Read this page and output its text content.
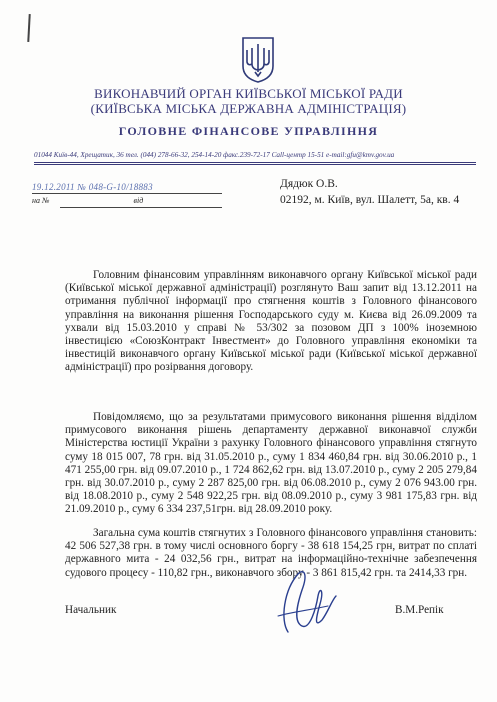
ВИКОНАВЧИЙ ОРГАН КИЇВСЬКОЇ МІСЬКОЇ РАДИ
(КИЇВСЬКА МІСЬКА ДЕРЖАВНА АДМІНІСТРАЦІЯ)
ГОЛОВНЕ ФІНАНСОВЕ УПРАВЛІННЯ
01044 Київ-44, Хрещатик, 36 тел. (044) 278-66-32, 254-14-20 факс.239-72-17 Call-центр 15-51 e-mail:gfu@kmv.gov.ua
19.12.2011 № 048-G-10/18883
на №	від
Дядюк О.В.
02192, м. Київ, вул. Шалетт, 5а, кв. 4
Головним фінансовим управлінням виконавчого органу Київської міської ради (Київської міської державної адміністрації) розглянуто Ваш запит від 13.12.2011 на отримання публічної інформації про стягнення коштів з Головного фінансового управління на виконання рішення Господарського суду м. Києва від 26.09.2009 та ухвали від 15.03.2010 у справі № 53/302 за позовом ДП з 100% іноземною інвестицією «СоюзКонтракт Інвестмент» до Головного управління економіки та інвестицій виконавчого органу Київської міської ради (Київської міської державної адміністрації) про розірвання договору.
Повідомляємо, що за результатами примусового виконання рішення відділом примусового виконання рішень департаменту державної виконавчої служби Міністерства юстиції України з рахунку Головного фінансового управління стягнуто суму 18 015 007, 78 грн. від 31.05.2010 р., суму 1 834 460,84 грн. від 30.06.2010 р., 1 471 255,00 грн. від 09.07.2010 р., 1 724 862,62 грн. від 13.07.2010 р., суму 2 205 279,84 грн. від 30.07.2010 р., суму 2 287 825,00 грн. від 06.08.2010 р., суму 2 076 943.00 грн. від 18.08.2010 р., суму 2 548 922,25 грн. від 08.09.2010 р., суму 3 981 175,83 грн. від 21.09.2010 р., суму 6 334 237,51грн. від 28.09.2010 року.
Загальна сума коштів стягнутих з Головного фінансового управління становить: 42 506 527,38 грн. в тому числі основного боргу - 38 618 154,25 грн, витрат по сплаті державного мита - 24 032,56 грн., витрат на інформаційно-технічне забезпечення судового процесу - 110,82 грн., виконавчого збору - 3 861 815,42 грн. та 2414,33 грн.
Начальник	В.М.Репік
